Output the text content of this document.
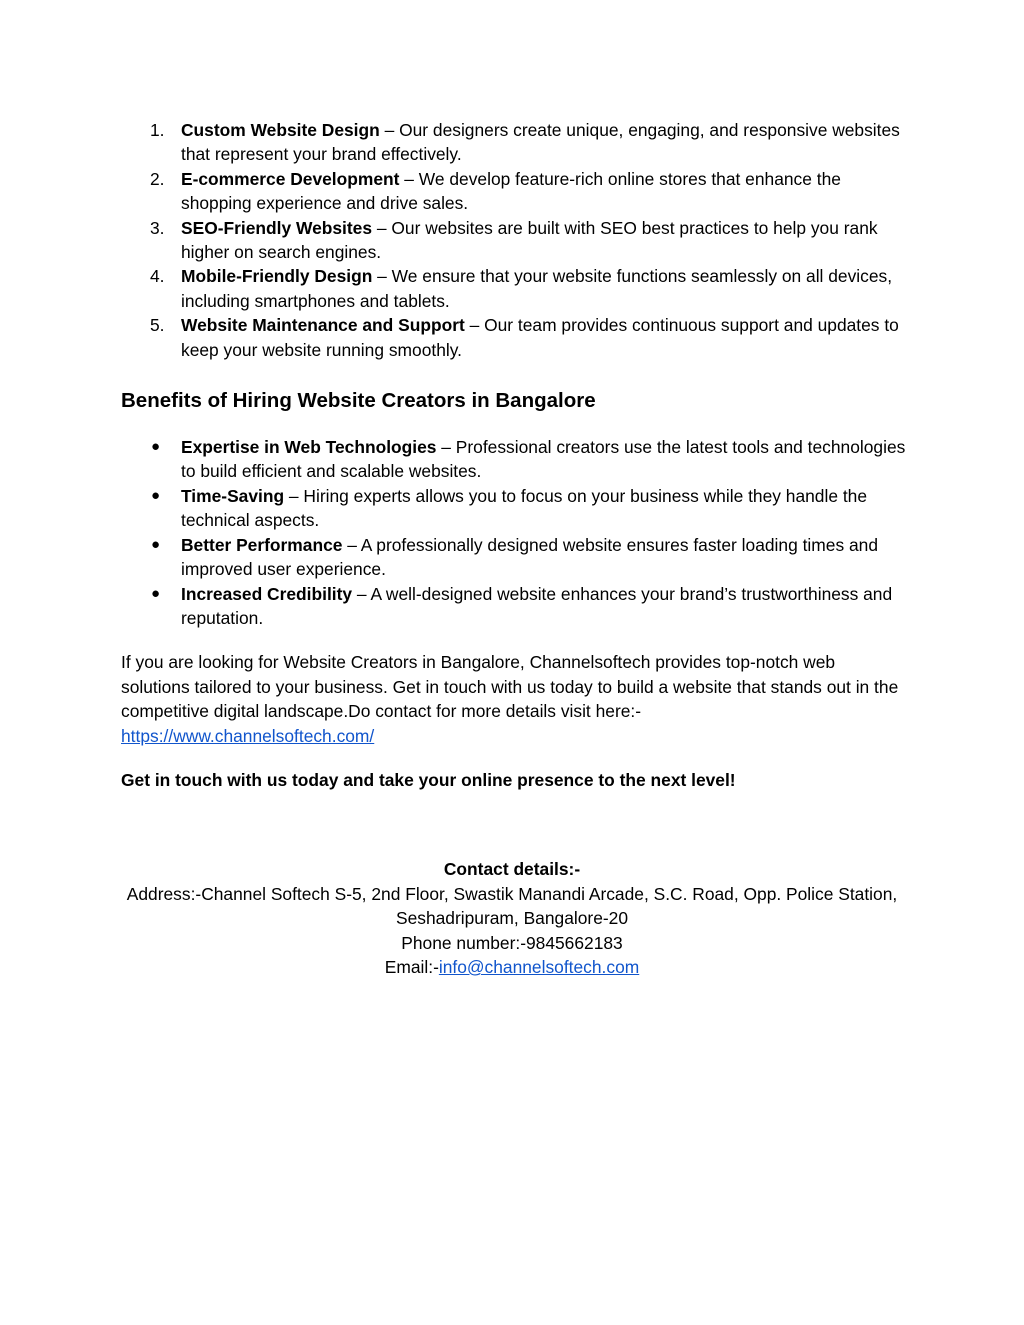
1. Custom Website Design – Our designers create unique, engaging, and responsive websites that represent your brand effectively.
2. E-commerce Development – We develop feature-rich online stores that enhance the shopping experience and drive sales.
3. SEO-Friendly Websites – Our websites are built with SEO best practices to help you rank higher on search engines.
4. Mobile-Friendly Design – We ensure that your website functions seamlessly on all devices, including smartphones and tablets.
5. Website Maintenance and Support – Our team provides continuous support and updates to keep your website running smoothly.
Benefits of Hiring Website Creators in Bangalore
● Expertise in Web Technologies – Professional creators use the latest tools and technologies to build efficient and scalable websites.
● Time-Saving – Hiring experts allows you to focus on your business while they handle the technical aspects.
● Better Performance – A professionally designed website ensures faster loading times and improved user experience.
● Increased Credibility – A well-designed website enhances your brand’s trustworthiness and reputation.

If you are looking for Website Creators in Bangalore, Channelsoftech provides top-notch web solutions tailored to your business. Get in touch with us today to build a website that stands out in the competitive digital landscape.Do contact for more details visit here:-
https://www.channelsoftech.com/

Get in touch with us today and take your online presence to the next level!

Contact details:-
Address:-Channel Softech S-5, 2nd Floor, Swastik Manandi Arcade, S.C. Road, Opp. Police Station, Seshadripuram, Bangalore-20
Phone number:-9845662183
Email:-info@channelsoftech.com
